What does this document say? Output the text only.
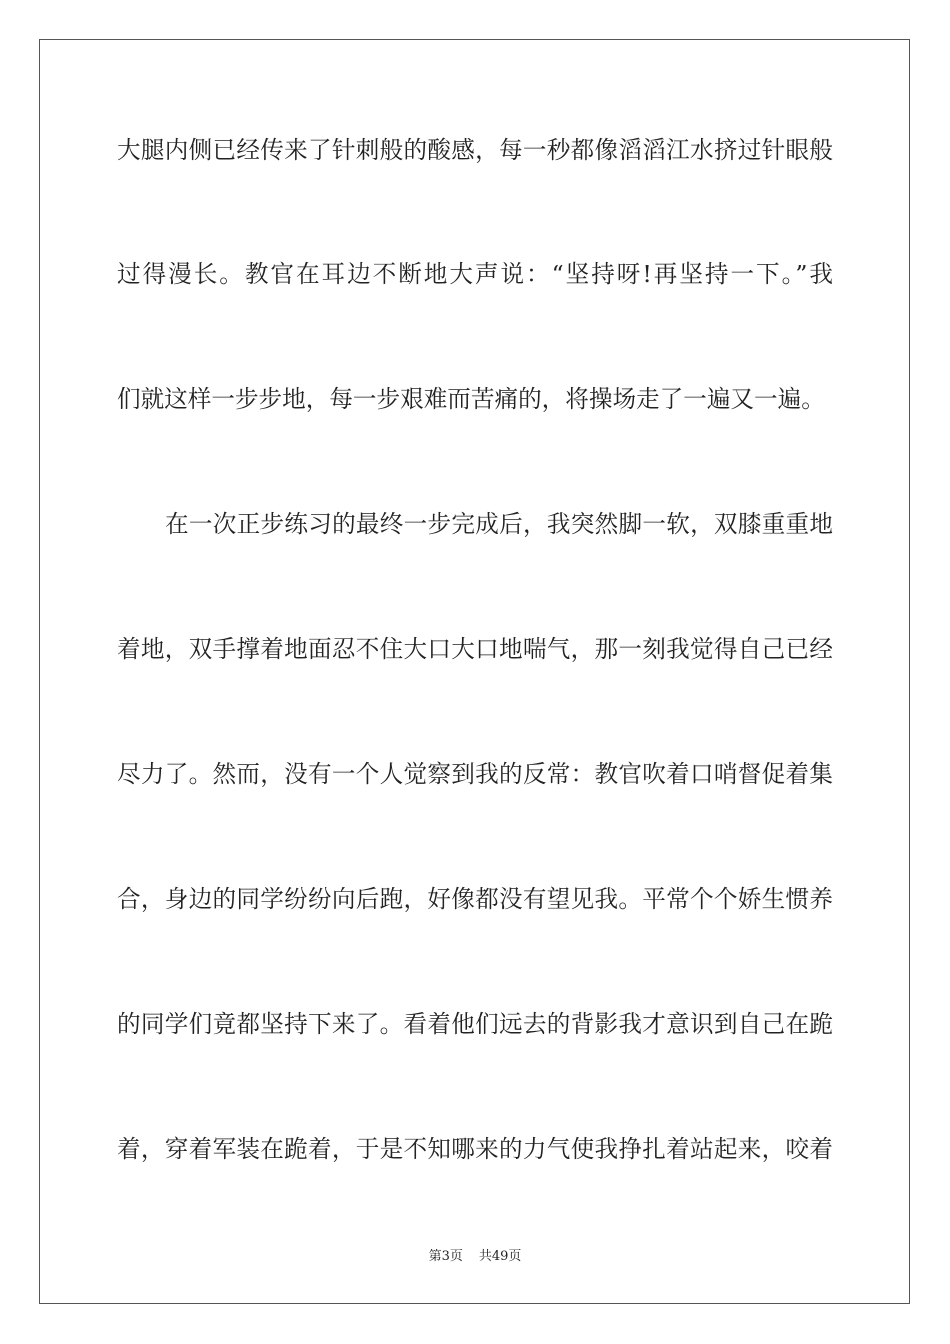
大腿内侧已经传来了针刺般的酸感，每一秒都像滔滔江水挤过针眼般
过得漫长。教官在耳边不断地大声说：“坚持呀!再坚持一下。”我
们就这样一步步地，每一步艰难而苦痛的，将操场走了一遍又一遍。
在一次正步练习的最终一步完成后，我突然脚一软，双膝重重地
着地，双手撑着地面忍不住大口大口地喘气，那一刻我觉得自己已经
尽力了。然而，没有一个人觉察到我的反常：教官吹着口哨督促着集
合，身边的同学纷纷向后跑，好像都没有望见我。平常个个娇生惯养
的同学们竟都坚持下来了。看着他们远去的背影我才意识到自己在跪
着，穿着军装在跪着，于是不知哪来的力气使我挣扎着站起来，咬着
第3页 共49页
